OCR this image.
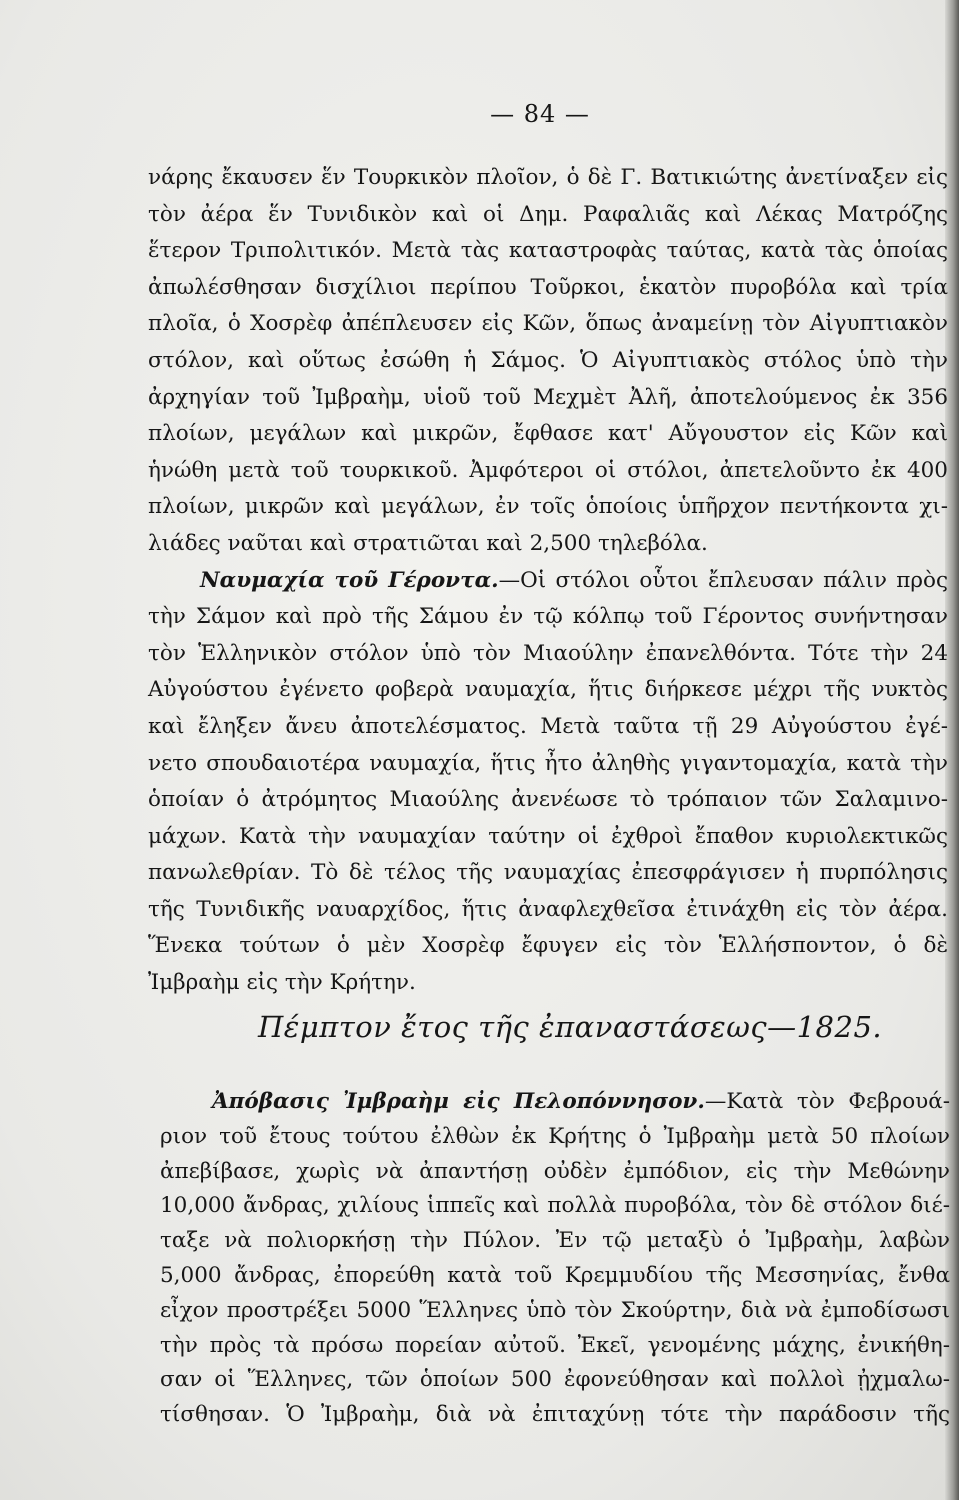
— 84 —
νάρης ἔκαυσεν ἕν Τουρκικὸν πλοῖον, ὁ δὲ Γ. Βατικιώτης ἀνετίναξεν εἰς
τὸν ἀέρα ἕν Τυνιδικὸν καὶ οἱ Δημ. Ραφαλιᾶς καὶ Λέκας Ματρόζης
ἕτερον Τριπολιτικόν. Μετὰ τὰς καταστροφὰς ταύτας, κατὰ τὰς ὁποίας
ἀπωλέσθησαν δισχίλιοι περίπου Τοῦρκοι, ἑκατὸν πυροβόλα καὶ τρία
πλοῖα, ὁ Χοσρὲφ ἀπέπλευσεν εἰς Κῶν, ὅπως ἀναμείνῃ τὸν Αἰγυπτιακὸν
στόλον, καὶ οὕτως ἐσώθη ἡ Σάμος. Ὁ Αἰγυπτιακὸς στόλος ὑπὸ τὴν
ἀρχηγίαν τοῦ Ἰμβραὴμ, υἱοῦ τοῦ Μεχμὲτ Ἀλῆ, ἀποτελούμενος ἐκ 356
πλοίων, μεγάλων καὶ μικρῶν, ἔφθασε κατ' Αὔγουστον εἰς Κῶν καὶ
ἡνώθη μετὰ τοῦ τουρκικοῦ. Ἀμφότεροι οἱ στόλοι, ἀπετελοῦντο ἐκ 400
πλοίων, μικρῶν καὶ μεγάλων, ἐν τοῖς ὁποίοις ὑπῆρχον πεντήκοντα χι-
λιάδες ναῦται καὶ στρατιῶται καὶ 2,500 τηλεβόλα.
Ναυμαχία τοῦ Γέροντα.—Οἱ στόλοι οὗτοι ἔπλευσαν πάλιν πρὸς
τὴν Σάμον καὶ πρὸ τῆς Σάμου ἐν τῷ κόλπῳ τοῦ Γέροντος συνήντησαν
τὸν Ἑλληνικὸν στόλον ὑπὸ τὸν Μιαούλην ἐπανελθόντα. Τότε τὴν 24
Αὐγούστου ἐγένετο φοβερὰ ναυμαχία, ἥτις διήρκεσε μέχρι τῆς νυκτὸς
καὶ ἔληξεν ἄνευ ἀποτελέσματος. Μετὰ ταῦτα τῇ 29 Αὐγούστου ἐγέ-
νετο σπουδαιοτέρα ναυμαχία, ἥτις ἦτο ἀληθὴς γιγαντομαχία, κατὰ τὴν
ὁποίαν ὁ ἀτρόμητος Μιαούλης ἀνενέωσε τὸ τρόπαιον τῶν Σαλαμινο-
μάχων. Κατὰ τὴν ναυμαχίαν ταύτην οἱ ἐχθροὶ ἔπαθον κυριολεκτικῶς
πανωλεθρίαν. Τὸ δὲ τέλος τῆς ναυμαχίας ἐπεσφράγισεν ἡ πυρπόλησις
τῆς Τυνιδικῆς ναυαρχίδος, ἥτις ἀναφλεχθεῖσα ἐτινάχθη εἰς τὸν ἀέρα.
Ἕνεκα τούτων ὁ μὲν Χοσρὲφ ἔφυγεν εἰς τὸν Ἑλλήσποντον, ὁ δὲ
Ἰμβραὴμ εἰς τὴν Κρήτην.
Πέμπτον ἔτος τῆς ἐπαναστάσεως—1825.
Ἀπόβασις Ἰμβραὴμ εἰς Πελοπόννησον.—Κατὰ τὸν Φεβρουά-
ριον τοῦ ἔτους τούτου ἐλθὼν ἐκ Κρήτης ὁ Ἰμβραὴμ μετὰ 50 πλοίων
ἀπεβίβασε, χωρὶς νὰ ἀπαντήσῃ οὐδὲν ἐμπόδιον, εἰς τὴν Μεθώνην
10,000 ἄνδρας, χιλίους ἱππεῖς καὶ πολλὰ πυροβόλα, τὸν δὲ στόλον διέ-
ταξε νὰ πολιορκήσῃ τὴν Πύλον. Ἐν τῷ μεταξὺ ὁ Ἰμβραὴμ, λαβὼν
5,000 ἄνδρας, ἐπορεύθη κατὰ τοῦ Κρεμμυδίου τῆς Μεσσηνίας, ἔνθα
εἶχον προστρέξει 5000 Ἕλληνες ὑπὸ τὸν Σκούρτην, διὰ νὰ ἐμποδίσωσι
τὴν πρὸς τὰ πρόσω πορείαν αὐτοῦ. Ἐκεῖ, γενομένης μάχης, ἐνικήθη-
σαν οἱ Ἕλληνες, τῶν ὁποίων 500 ἐφονεύθησαν καὶ πολλοὶ ᾐχμαλω-
τίσθησαν. Ὁ Ἰμβραὴμ, διὰ νὰ ἐπιταχύνῃ τότε τὴν παράδοσιν τῆς
